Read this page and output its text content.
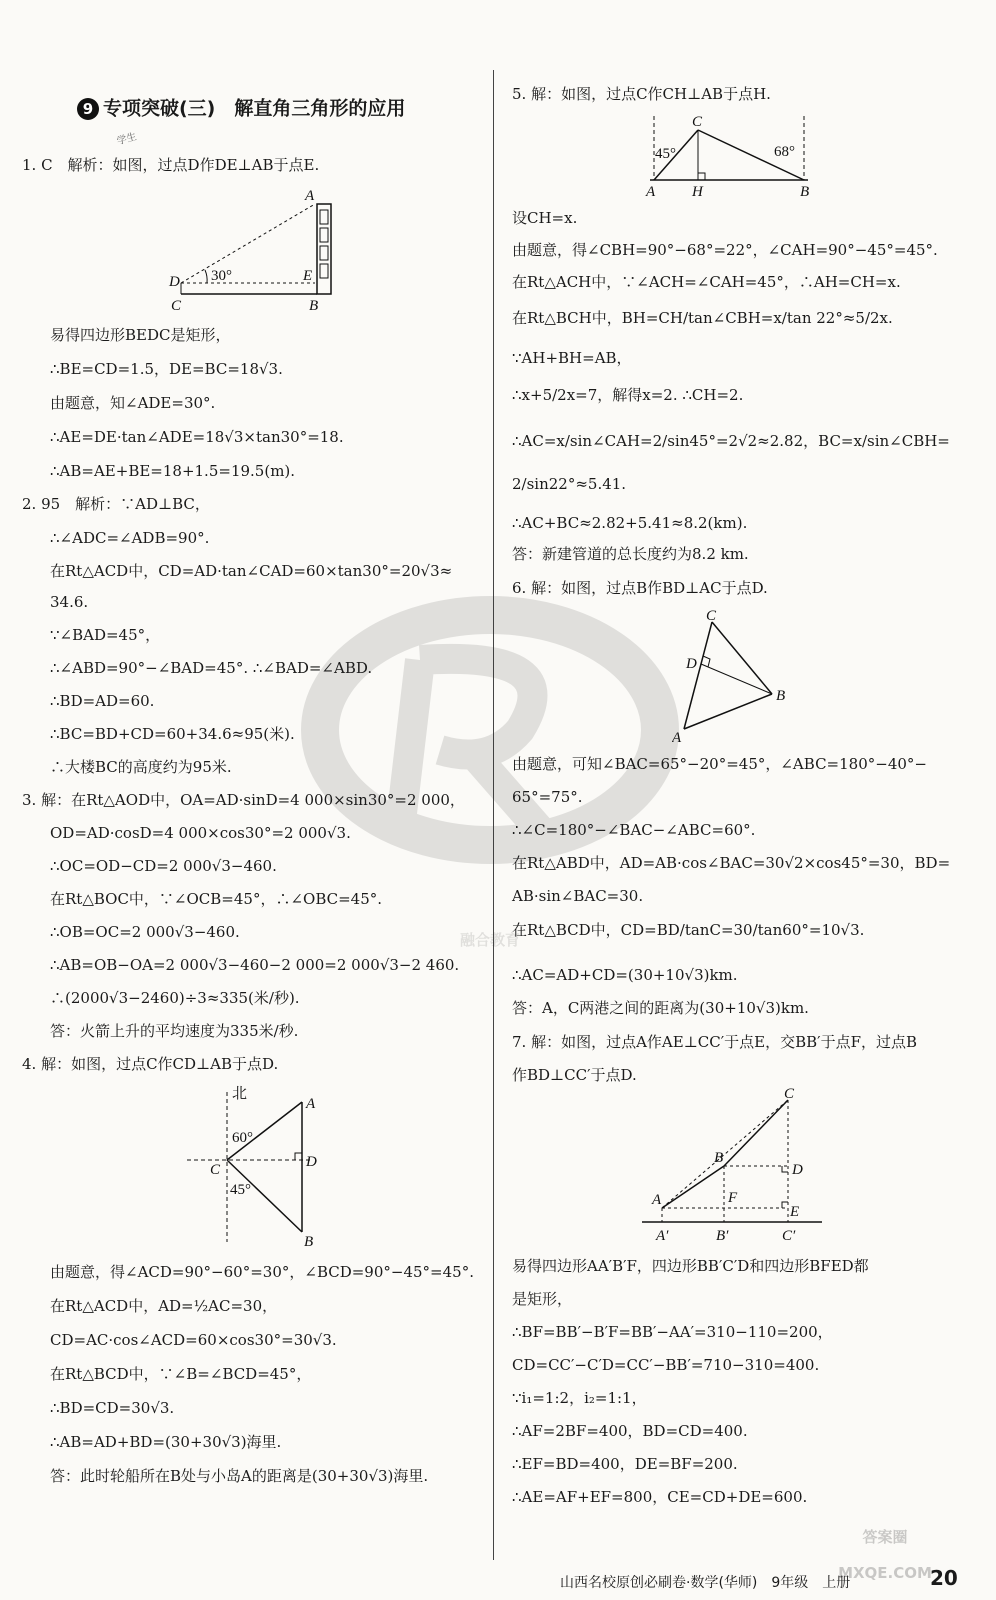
融合教育
9 专项突破(三)　解直角三角形的应用
学生
1. C　解析：如图，过点D作DE⊥AB于点E.
A
D	E
C	B
30°
易得四边形BEDC是矩形，
∴BE=CD=1.5，DE=BC=18√3.
由题意，知∠ADE=30°.
∴AE=DE·tan∠ADE=18√3×tan30°=18.
∴AB=AE+BE=18+1.5=19.5(m).
2. 95　解析：∵AD⊥BC，
∴∠ADC=∠ADB=90°.
在Rt△ACD中，CD=AD·tan∠CAD=60×tan30°=20√3≈
34.6.
∵∠BAD=45°，
∴∠ABD=90°−∠BAD=45°. ∴∠BAD=∠ABD.
∴BD=AD=60.
∴BC=BD+CD=60+34.6≈95(米).
∴大楼BC的高度约为95米.
3. 解：在Rt△AOD中，OA=AD·sinD=4 000×sin30°=2 000，
OD=AD·cosD=4 000×cos30°=2 000√3.
∴OC=OD−CD=2 000√3−460.
在Rt△BOC中，∵∠OCB=45°，∴∠OBC=45°.
∴OB=OC=2 000√3−460.
∴AB=OB−OA=2 000√3−460−2 000=2 000√3−2 460.
∴(2000√3−2460)÷3≈335(米/秒).
答：火箭上升的平均速度为335米/秒.
4. 解：如图，过点C作CD⊥AB于点D.
北
A
C	D
B
60°
45°
由题意，得∠ACD=90°−60°=30°，∠BCD=90°−45°=45°.
在Rt△ACD中，AD=½AC=30，
CD=AC·cos∠ACD=60×cos30°=30√3.
在Rt△BCD中，∵∠B=∠BCD=45°，
∴BD=CD=30√3.
∴AB=AD+BD=(30+30√3)海里.
答：此时轮船所在B处与小岛A的距离是(30+30√3)海里.
5. 解：如图，过点C作CH⊥AB于点H.
C
A H	B
45°	68°
设CH=x.
由题意，得∠CBH=90°−68°=22°，∠CAH=90°−45°=45°.
在Rt△ACH中，∵∠ACH=∠CAH=45°，∴AH=CH=x.
在Rt△BCH中，BH=CH/tan∠CBH=x/tan 22°≈5/2x.
∵AH+BH=AB，
∴x+5/2x=7，解得x=2. ∴CH=2.
∴AC=x/sin∠CAH=2/sin45°=2√2≈2.82，BC=x/sin∠CBH=
2/sin22°≈5.41.
∴AC+BC≈2.82+5.41≈8.2(km).
答：新建管道的总长度约为8.2 km.
6. 解：如图，过点B作BD⊥AC于点D.
C
D
B
A
由题意，可知∠BAC=65°−20°=45°，∠ABC=180°−40°−
65°=75°.
∴∠C=180°−∠BAC−∠ABC=60°.
在Rt△ABD中，AD=AB·cos∠BAC=30√2×cos45°=30，BD=
AB·sin∠BAC=30.
在Rt△BCD中，CD=BD/tanC=30/tan60°=10√3.
∴AC=AD+CD=(30+10√3)km.
答：A，C两港之间的距离为(30+10√3)km.
7. 解：如图，过点A作AE⊥CC′于点E，交BB′于点F，过点B
作BD⊥CC′于点D.
C
B
D
A	F
E
A′	B′	C′
易得四边形AA′B′F，四边形BB′C′D和四边形BFED都
是矩形，
∴BF=BB′−B′F=BB′−AA′=310−110=200，
CD=CC′−C′D=CC′−BB′=710−310=400.
∵i₁=1:2，i₂=1:1，
∴AF=2BF=400，BD=CD=400.
∴EF=BD=400，DE=BF=200.
∴AE=AF+EF=800，CE=CD+DE=600.
答案圈
MXQE.COM
山西名校原创必刷卷·数学(华师)　9年级　上册	20
